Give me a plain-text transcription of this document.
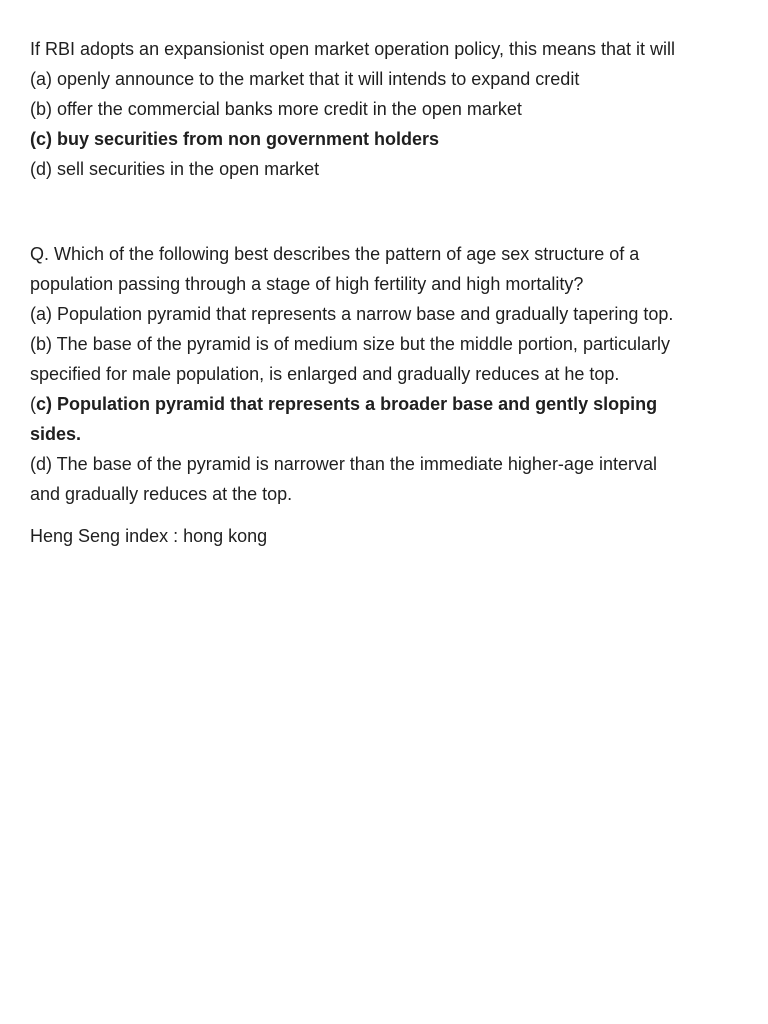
If RBI adopts an expansionist open market operation policy, this means that it will

(a) openly announce to the market that it will intends to expand credit

(b) offer the commercial banks more credit in the open market

(c) buy securities from non government holders

(d) sell securities in the open market

Q. Which of the following best describes the pattern of age sex structure of a

population passing through a stage of high fertility and high mortality?

(a) Population pyramid that represents a narrow base and gradually tapering top.

(b) The base of the pyramid is of medium size but the middle portion, particularly

specified for male population, is enlarged and gradually reduces at he top.

(c) Population pyramid that represents a broader base and gently sloping

sides.

(d) The base of the pyramid is narrower than the immediate higher-age interval

and gradually reduces at the top.

Heng Seng index : hong kong
